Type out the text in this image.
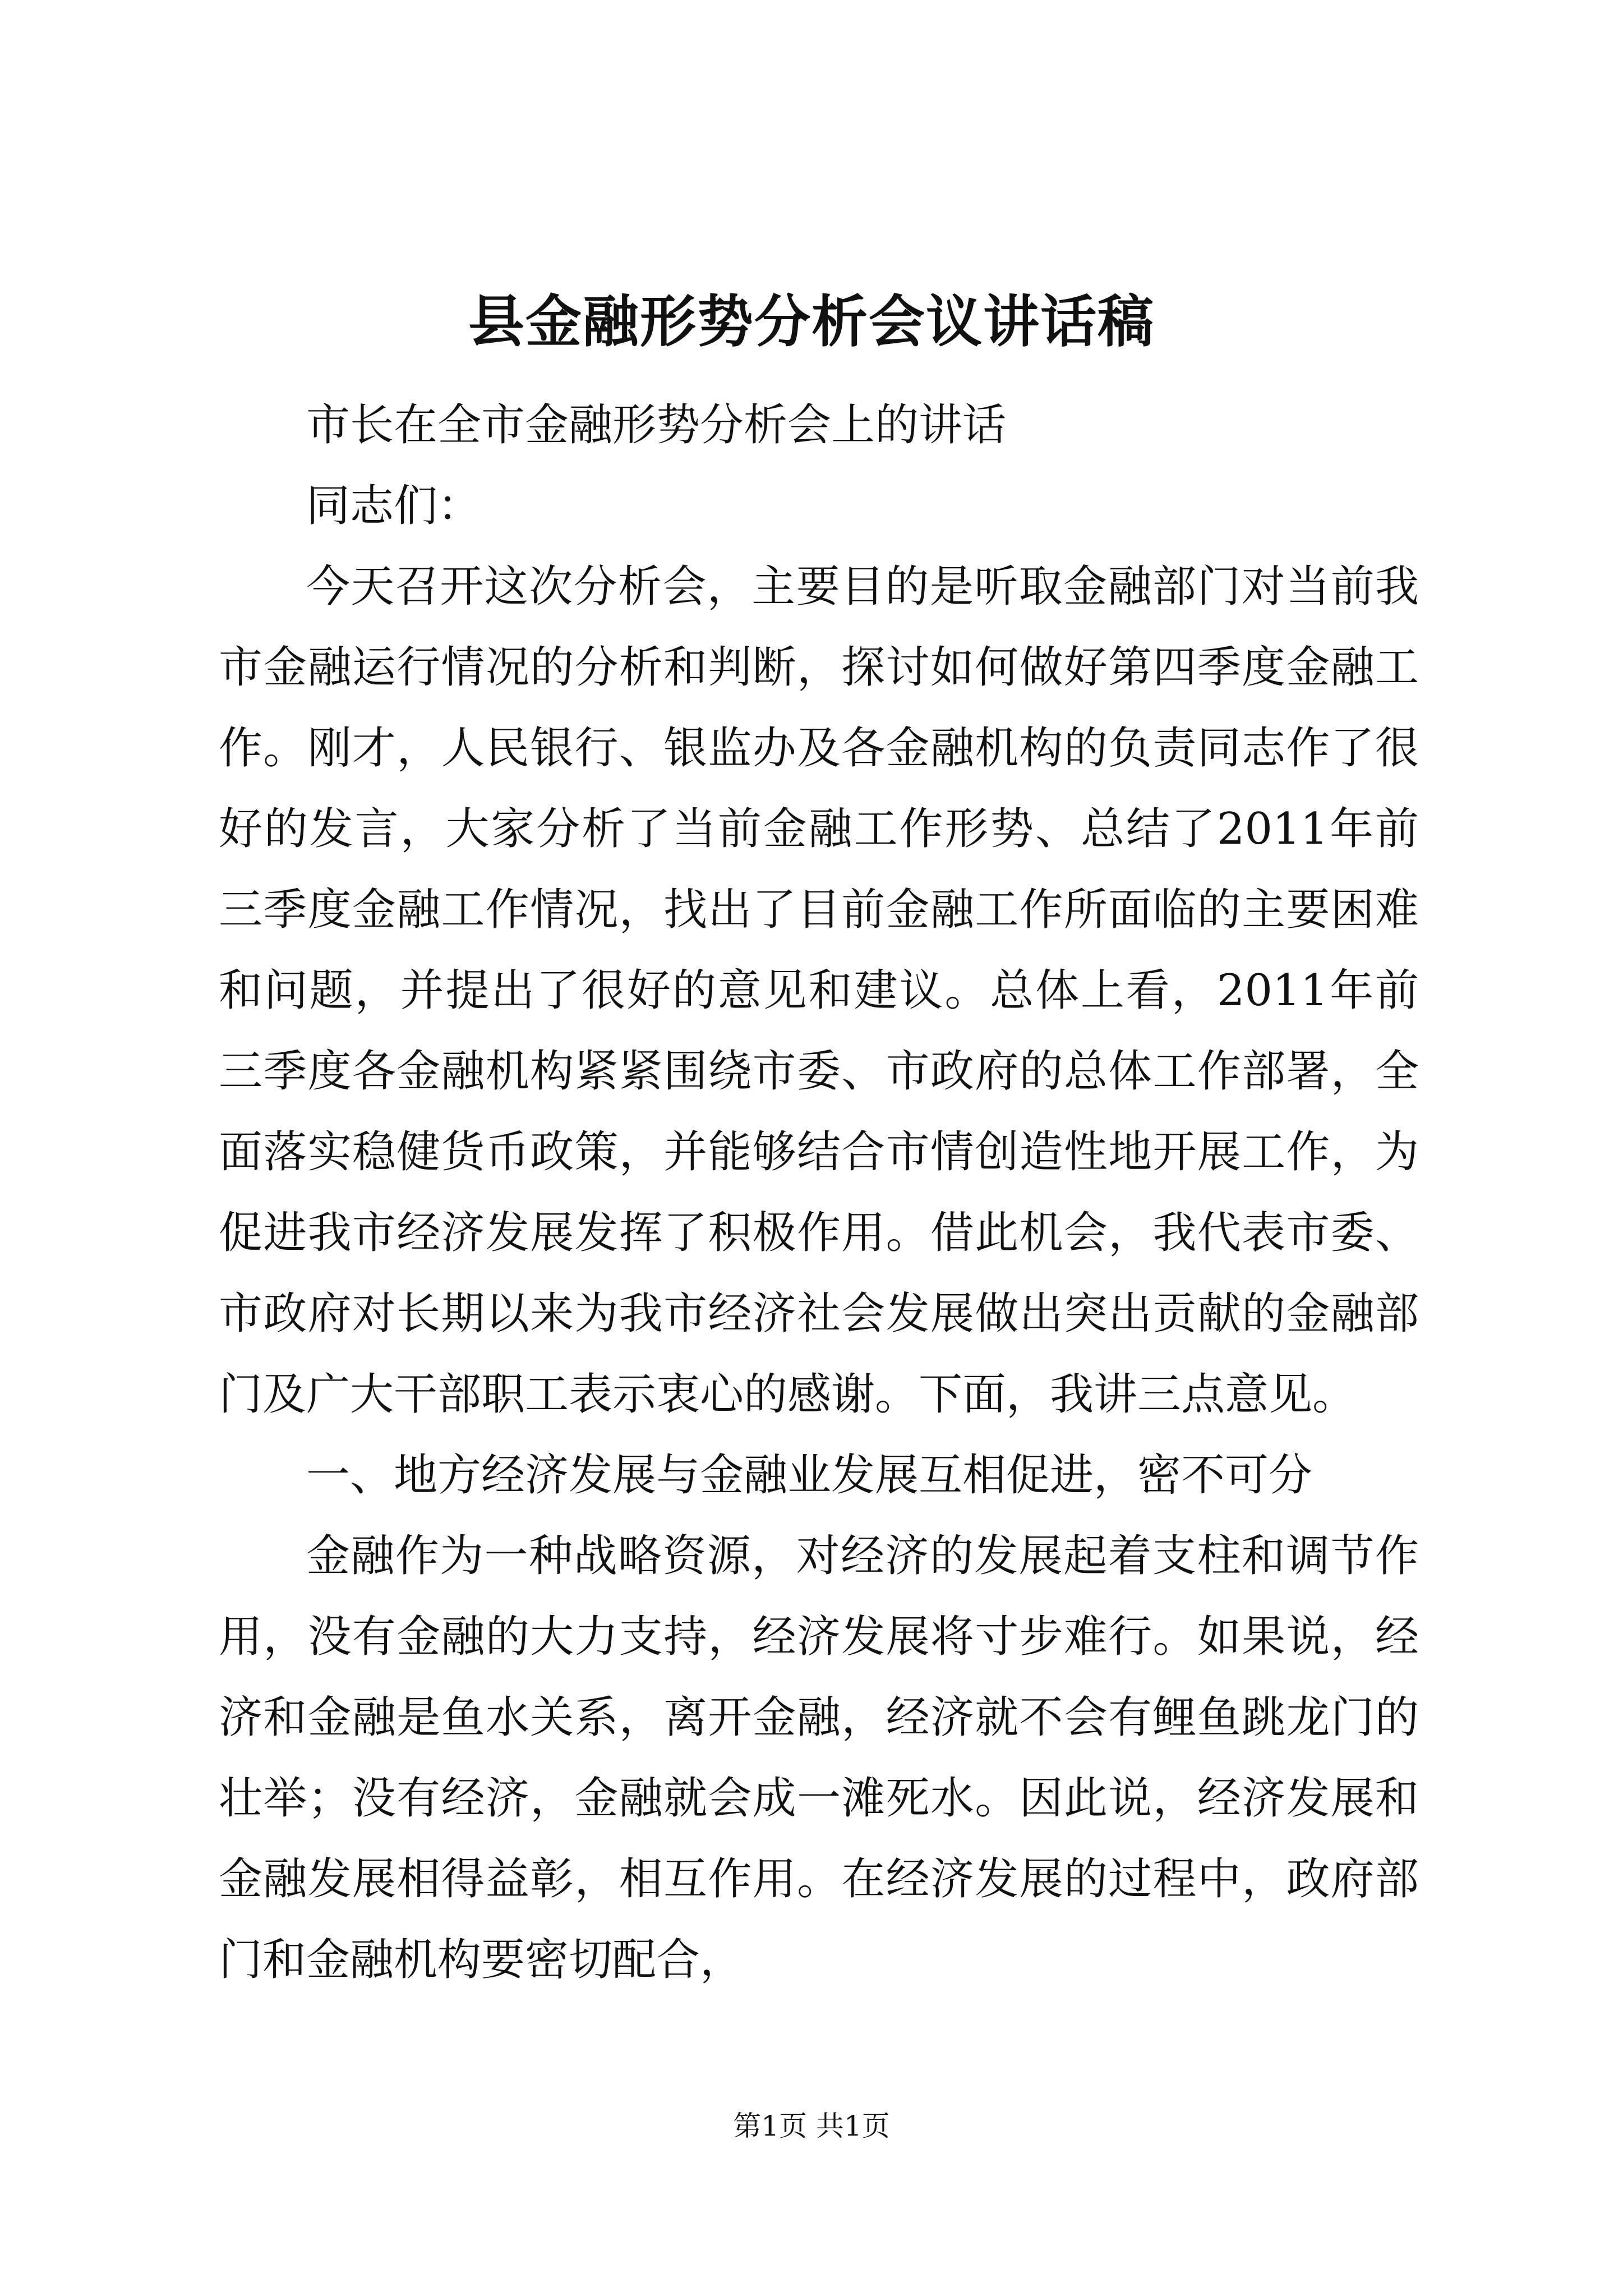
县金融形势分析会议讲话稿

市长在全市金融形势分析会上的讲话

同志们：

今天召开这次分析会，主要目的是听取金融部门对当前我市金融运行情况的分析和判断，探讨如何做好第四季度金融工作。刚才，人民银行、银监办及各金融机构的负责同志作了很好的发言，大家分析了当前金融工作形势、总结了2011年前三季度金融工作情况，找出了目前金融工作所面临的主要困难和问题，并提出了很好的意见和建议。总体上看，2011年前三季度各金融机构紧紧围绕市委、市政府的总体工作部署，全面落实稳健货币政策，并能够结合市情创造性地开展工作，为促进我市经济发展发挥了积极作用。借此机会，我代表市委、市政府对长期以来为我市经济社会发展做出突出贡献的金融部门及广大干部职工表示衷心的感谢。下面，我讲三点意见。

一、地方经济发展与金融业发展互相促进，密不可分

金融作为一种战略资源，对经济的发展起着支柱和调节作用，没有金融的大力支持，经济发展将寸步难行。如果说，经济和金融是鱼水关系，离开金融，经济就不会有鲤鱼跳龙门的壮举；没有经济，金融就会成一滩死水。因此说，经济发展和金融发展相得益彰，相互作用。在经济发展的过程中，政府部门和金融机构要密切配合，

第1页 共1页
